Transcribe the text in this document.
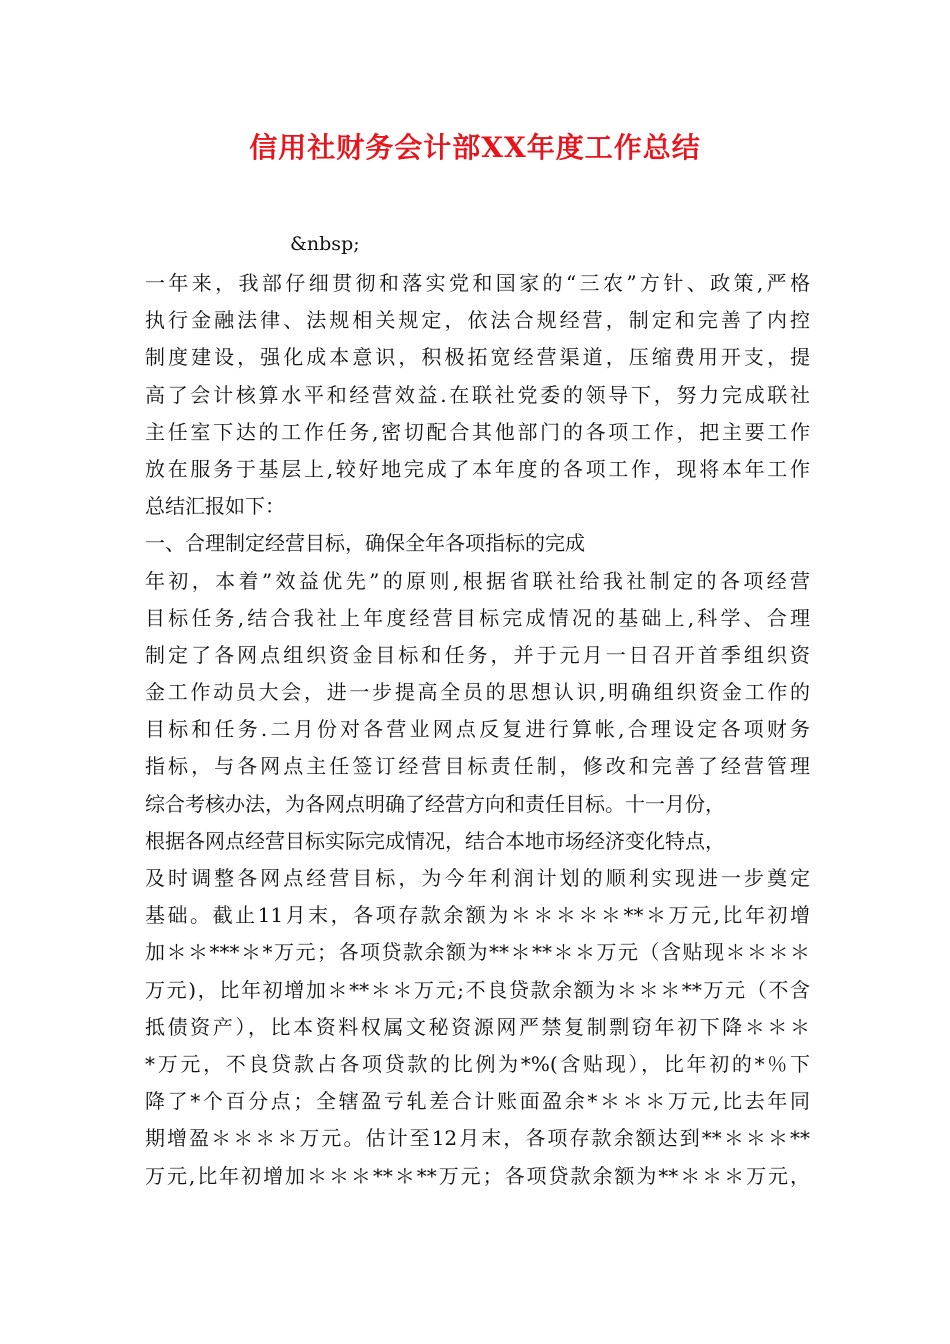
信用社财务会计部XX年度工作总结
&nbsp;
一年来，我部仔细贯彻和落实党和国家的“三农”方针、政策,严格
执行金融法律、法规相关规定，依法合规经营，制定和完善了内控
制度建设，强化成本意识，积极拓宽经营渠道，压缩费用开支，提
高了会计核算水平和经营效益.在联社党委的领导下，努力完成联社
主任室下达的工作任务,密切配合其他部门的各项工作，把主要工作
放在服务于基层上,较好地完成了本年度的各项工作，现将本年工作
总结汇报如下：
一、合理制定经营目标，确保全年各项指标的完成
年初，本着”效益优先”的原则,根据省联社给我社制定的各项经营
目标任务,结合我社上年度经营目标完成情况的基础上,科学、合理
制定了各网点组织资金目标和任务，并于元月一日召开首季组织资
金工作动员大会，进一步提高全员的思想认识,明确组织资金工作的
目标和任务.二月份对各营业网点反复进行算帐,合理设定各项财务
指标，与各网点主任签订经营目标责任制，修改和完善了经营管理
综合考核办法，为各网点明确了经营方向和责任目标。十一月份，
根据各网点经营目标实际完成情况，结合本地市场经济变化特点，
及时调整各网点经营目标，为今年利润计划的顺利实现进一步奠定
基础。截止11月末，各项存款余额为＊＊＊＊＊**＊万元,比年初增
加＊＊***＊*万元；各项贷款余额为**＊**＊＊万元（含贴现＊＊＊＊
万元)，比年初增加＊**＊＊万元;不良贷款余额为＊＊＊**万元（不含
抵债资产），比本资料权属文秘资源网严禁复制剽窃年初下降＊＊＊
*万元，不良贷款占各项贷款的比例为*%(含贴现），比年初的*％下
降了*个百分点；全辖盈亏轧差合计账面盈余*＊＊＊万元,比去年同
期增盈＊＊＊＊万元。估计至12月末，各项存款余额达到**＊＊＊**
万元,比年初增加＊＊＊**＊**万元；各项贷款余额为**＊＊＊万元，
